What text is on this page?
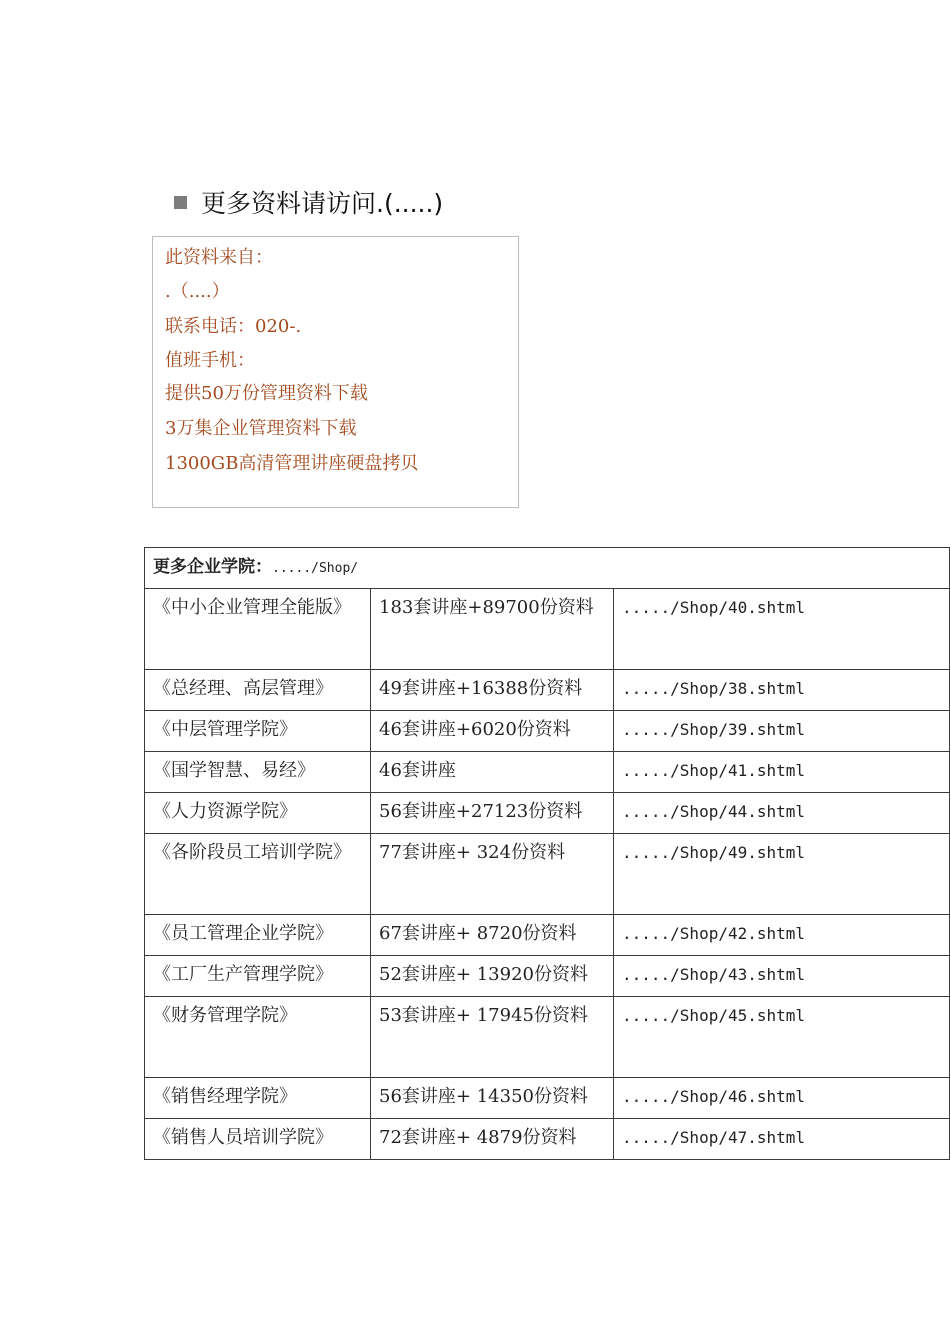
更多资料请访问.(.....)
此资料来自：
.（....）
联系电话：020-.
值班手机：
提供50万份管理资料下载
3万集企业管理资料下载
1300GB高清管理讲座硬盘拷贝
更多企业学院：...../Shop/		

《中小企业管理全能版》	183套讲座+89700份资料	...../Shop/40.shtml

《总经理、高层管理》	49套讲座+16388份资料	...../Shop/38.shtml

《中层管理学院》	46套讲座+6020份资料	...../Shop/39.shtml

《国学智慧、易经》	46套讲座	...../Shop/41.shtml

《人力资源学院》	56套讲座+27123份资料	...../Shop/44.shtml

《各阶段员工培训学院》	77套讲座+ 324份资料	...../Shop/49.shtml

《员工管理企业学院》	67套讲座+ 8720份资料	...../Shop/42.shtml

《工厂生产管理学院》	52套讲座+ 13920份资料	...../Shop/43.shtml

《财务管理学院》	53套讲座+ 17945份资料	...../Shop/45.shtml

《销售经理学院》	56套讲座+ 14350份资料	...../Shop/46.shtml

《销售人员培训学院》	72套讲座+ 4879份资料	...../Shop/47.shtml
